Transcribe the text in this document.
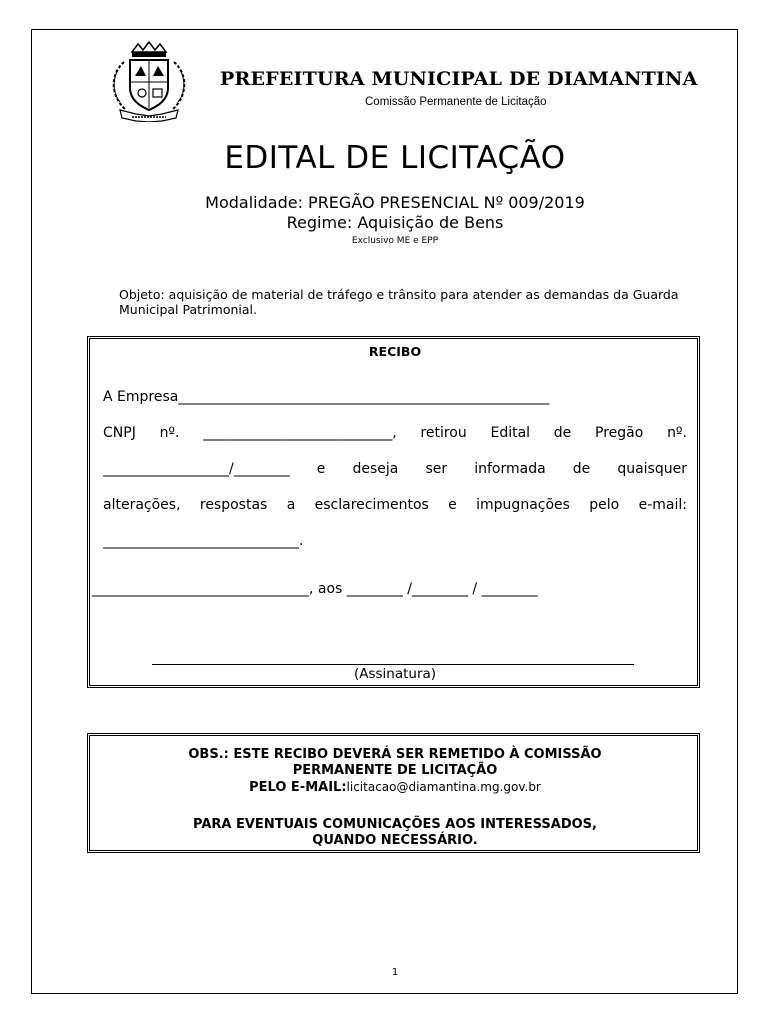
PREFEITURA MUNICIPAL DE DIAMANTINA
Comissão Permanente de Licitação
EDITAL DE LICITAÇÃO
Modalidade: PREGÃO PRESENCIAL Nº 009/2019
Regime: Aquisição de Bens
Exclusivo ME e EPP
Objeto: aquisição de material de tráfego e trânsito para atender as demandas da Guarda Municipal Patrimonial.
RECIBO
A Empresa_____________________________________________________
CNPJ nº. ___________________________, retirou Edital de Pregão nº.
__________________/________ e deseja ser informada de quaisquer
alterações, respostas a esclarecimentos e impugnações pelo e-mail:
____________________________.
_______________________________, aos ________ /________ / ________
(Assinatura)
OBS.: ESTE RECIBO DEVERÁ SER REMETIDO À COMISSÃO
PERMANENTE DE LICITAÇÃO
PELO E-MAIL:licitacao@diamantina.mg.gov.br
PARA EVENTUAIS COMUNICAÇÕES AOS INTERESSADOS,
QUANDO NECESSÁRIO.
1
